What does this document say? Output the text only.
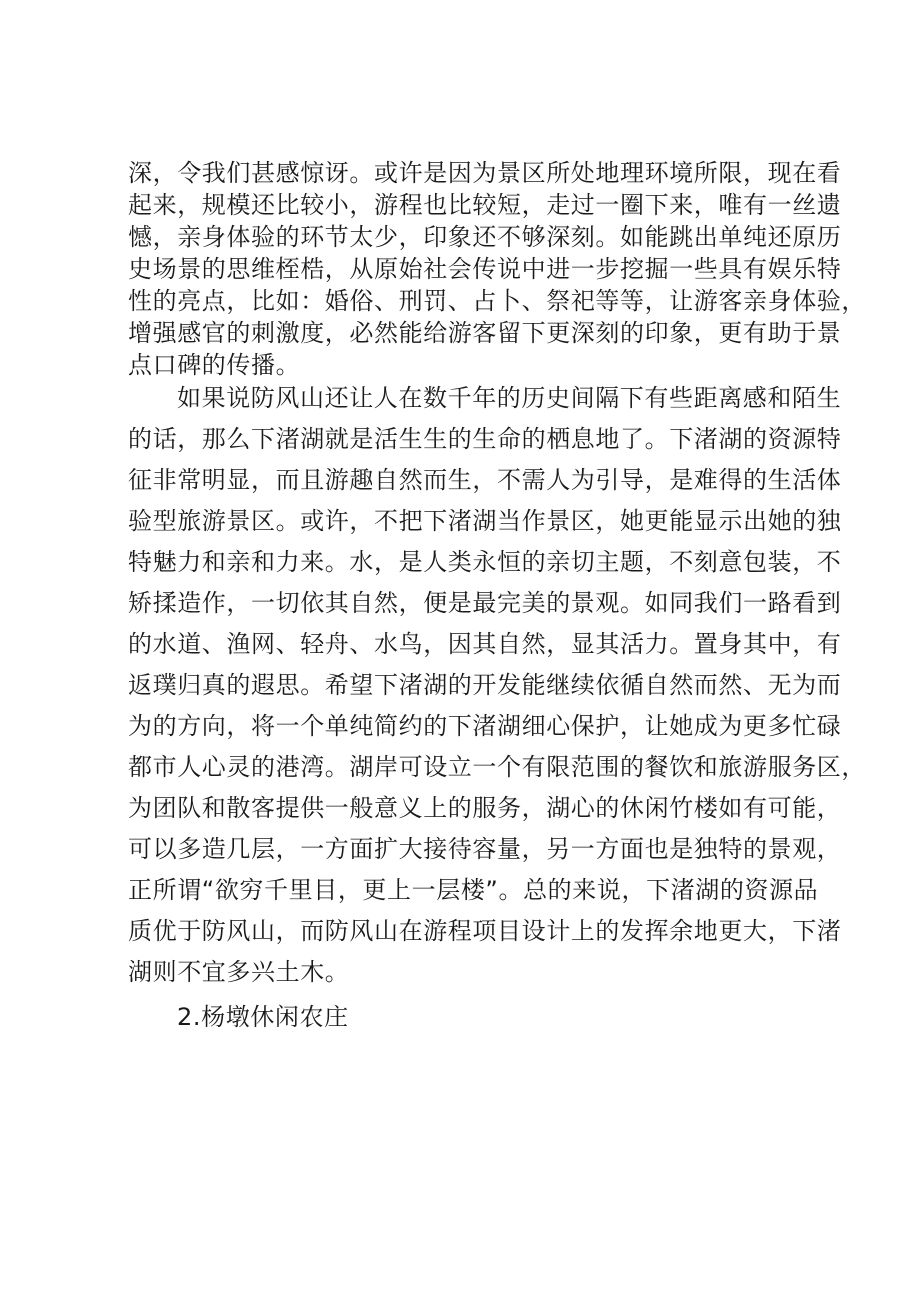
深，令我们甚感惊讶。或许是因为景区所处地理环境所限，现在看
起来，规模还比较小，游程也比较短，走过一圈下来，唯有一丝遗
憾，亲身体验的环节太少，印象还不够深刻。如能跳出单纯还原历
史场景的思维桎梏，从原始社会传说中进一步挖掘一些具有娱乐特
性的亮点，比如：婚俗、刑罚、占卜、祭祀等等，让游客亲身体验，
增强感官的刺激度，必然能给游客留下更深刻的印象，更有助于景
点口碑的传播。
如果说防风山还让人在数千年的历史间隔下有些距离感和陌生
的话，那么下渚湖就是活生生的生命的栖息地了。下渚湖的资源特
征非常明显，而且游趣自然而生，不需人为引导，是难得的生活体
验型旅游景区。或许，不把下渚湖当作景区，她更能显示出她的独
特魅力和亲和力来。水，是人类永恒的亲切主题，不刻意包装，不
矫揉造作，一切依其自然，便是最完美的景观。如同我们一路看到
的水道、渔网、轻舟、水鸟，因其自然，显其活力。置身其中，有
返璞归真的遐思。希望下渚湖的开发能继续依循自然而然、无为而
为的方向，将一个单纯简约的下渚湖细心保护，让她成为更多忙碌
都市人心灵的港湾。湖岸可设立一个有限范围的餐饮和旅游服务区，
为团队和散客提供一般意义上的服务，湖心的休闲竹楼如有可能，
可以多造几层，一方面扩大接待容量，另一方面也是独特的景观，
正所谓“欲穷千里目，更上一层楼”。总的来说，下渚湖的资源品
质优于防风山，而防风山在游程项目设计上的发挥余地更大，下渚
湖则不宜多兴土木。
2.杨墩休闲农庄
